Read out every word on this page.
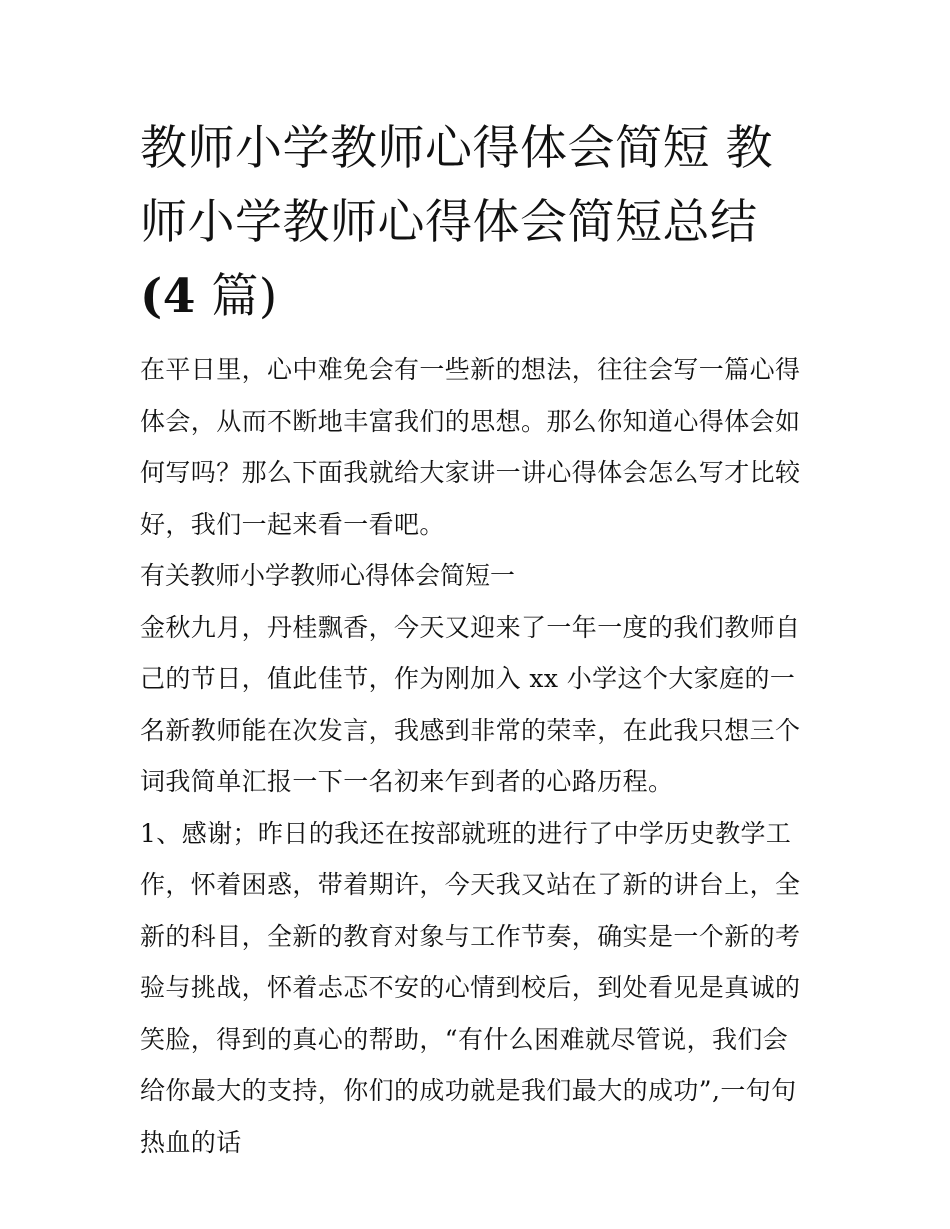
教师小学教师心得体会简短 教
师小学教师心得体会简短总结
(4 篇)

在平日里，心中难免会有一些新的想法，往往会写一篇心得体会，从而不断地丰富我们的思想。那么你知道心得体会如何写吗？那么下面我就给大家讲一讲心得体会怎么写才比较好，我们一起来看一看吧。

有关教师小学教师心得体会简短一

金秋九月，丹桂飘香，今天又迎来了一年一度的我们教师自己的节日，值此佳节，作为刚加入 xx 小学这个大家庭的一名新教师能在次发言，我感到非常的荣幸，在此我只想三个词我简单汇报一下一名初来乍到者的心路历程。

1、感谢；昨日的我还在按部就班的进行了中学历史教学工作，怀着困惑，带着期许，今天我又站在了新的讲台上，全新的科目，全新的教育对象与工作节奏，确实是一个新的考验与挑战，怀着忐忑不安的心情到校后，到处看见是真诚的笑脸，得到的真心的帮助，“有什么困难就尽管说，我们会给你最大的支持，你们的成功就是我们最大的成功”,一句句热血的话
